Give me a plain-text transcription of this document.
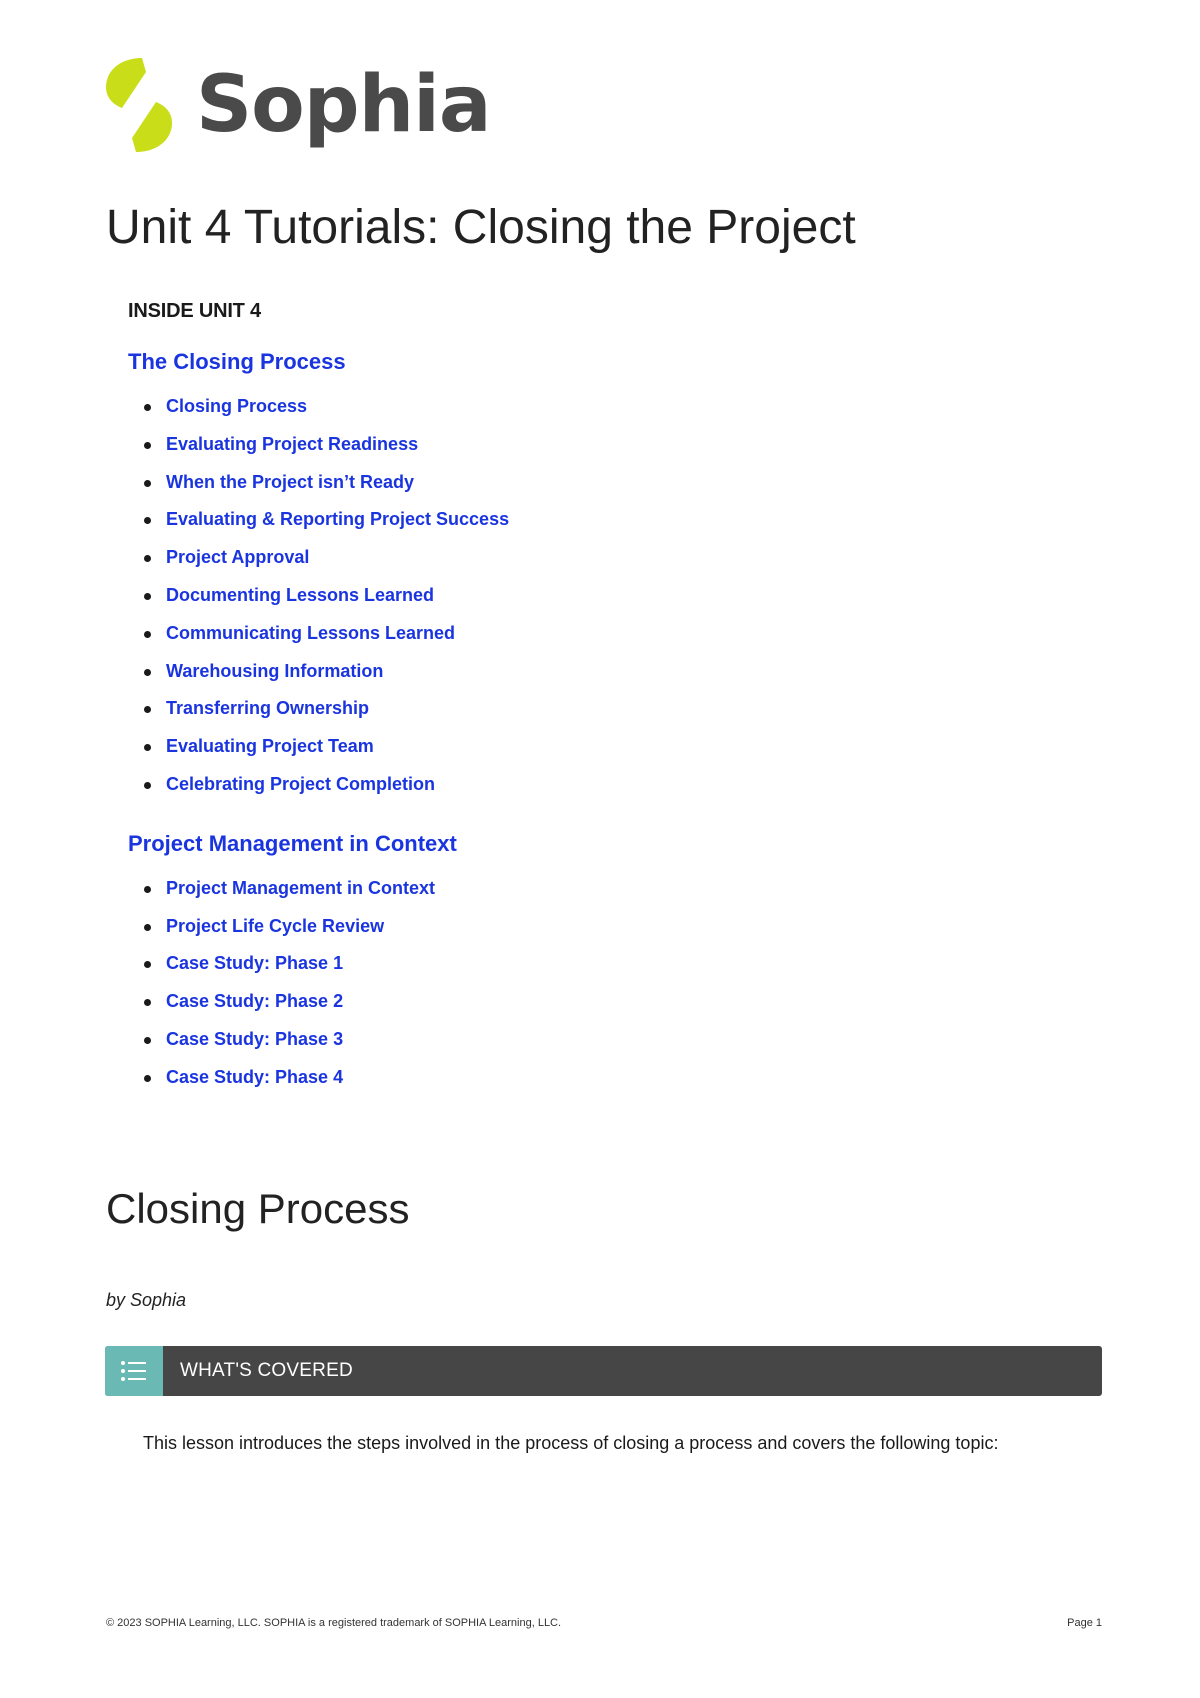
Sophia
Unit 4 Tutorials: Closing the Project
INSIDE UNIT 4
The Closing Process
Closing Process
Evaluating Project Readiness
When the Project isn’t Ready
Evaluating & Reporting Project Success
Project Approval
Documenting Lessons Learned
Communicating Lessons Learned
Warehousing Information
Transferring Ownership
Evaluating Project Team
Celebrating Project Completion
Project Management in Context
Project Management in Context
Project Life Cycle Review
Case Study: Phase 1
Case Study: Phase 2
Case Study: Phase 3
Case Study: Phase 4
Closing Process
by Sophia
WHAT'S COVERED

This lesson introduces the steps involved in the process of closing a process and covers the following topic:

© 2023 SOPHIA Learning, LLC. SOPHIA is a registered trademark of SOPHIA Learning, LLC.	Page 1
